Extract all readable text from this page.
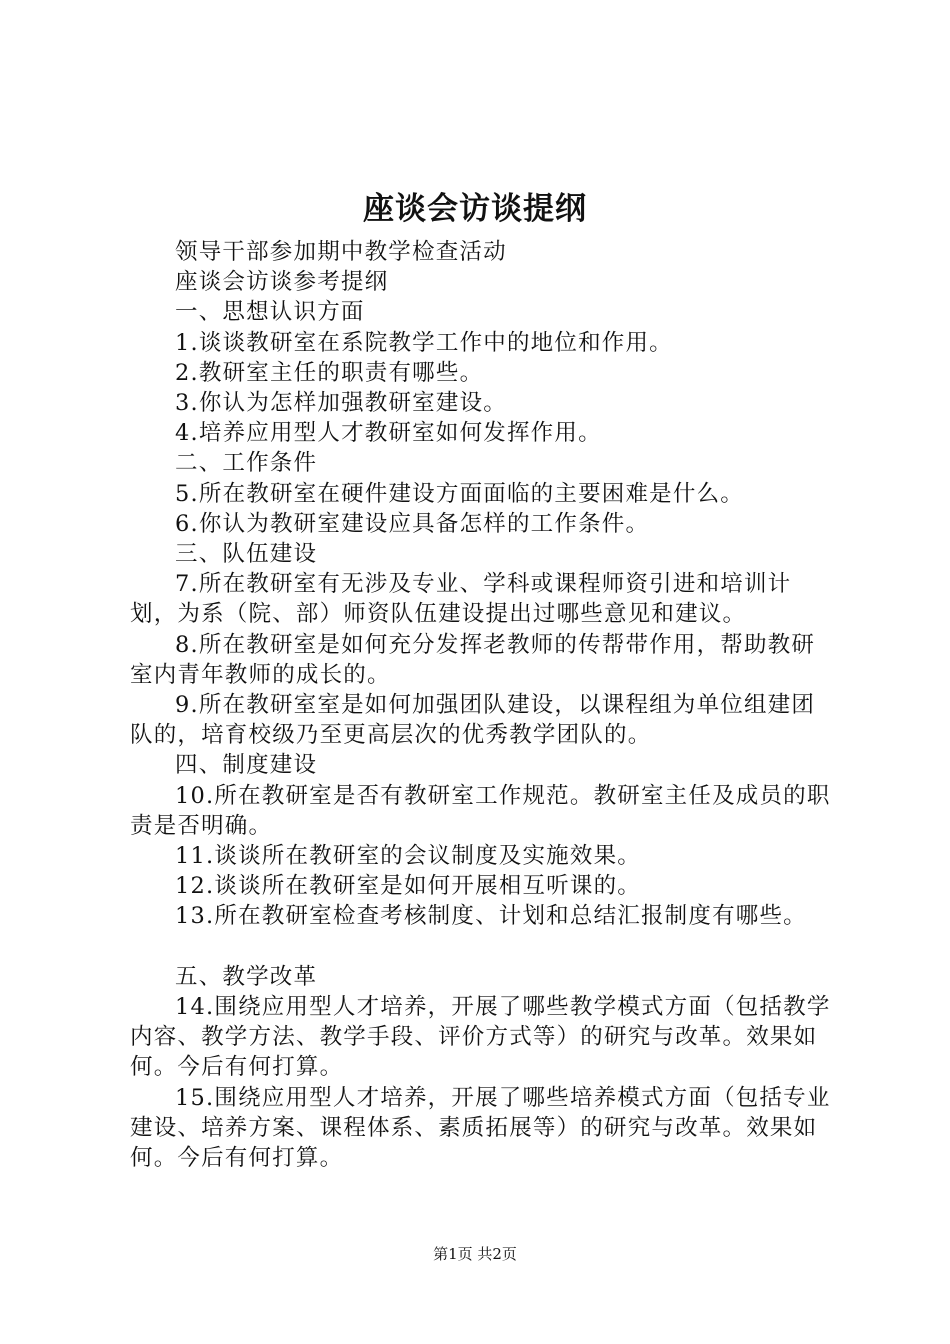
座谈会访谈提纲

领导干部参加期中教学检查活动

座谈会访谈参考提纲

一、思想认识方面

1.谈谈教研室在系院教学工作中的地位和作用。

2.教研室主任的职责有哪些。

3.你认为怎样加强教研室建设。

4.培养应用型人才教研室如何发挥作用。

二、工作条件

5.所在教研室在硬件建设方面面临的主要困难是什么。

6.你认为教研室建设应具备怎样的工作条件。

三、队伍建设

7.所在教研室有无涉及专业、学科或课程师资引进和培训计划，为系（院、部）师资队伍建设提出过哪些意见和建议。

8.所在教研室是如何充分发挥老教师的传帮带作用，帮助教研室内青年教师的成长的。

9.所在教研室室是如何加强团队建设，以课程组为单位组建团队的，培育校级乃至更高层次的优秀教学团队的。

四、制度建设

10.所在教研室是否有教研室工作规范。教研室主任及成员的职责是否明确。

11.谈谈所在教研室的会议制度及实施效果。

12.谈谈所在教研室是如何开展相互听课的。

13.所在教研室检查考核制度、计划和总结汇报制度有哪些。

五、教学改革

14.围绕应用型人才培养，开展了哪些教学模式方面（包括教学内容、教学方法、教学手段、评价方式等）的研究与改革。效果如何。今后有何打算。

15.围绕应用型人才培养，开展了哪些培养模式方面（包括专业建设、培养方案、课程体系、素质拓展等）的研究与改革。效果如何。今后有何打算。

第1页 共2页
